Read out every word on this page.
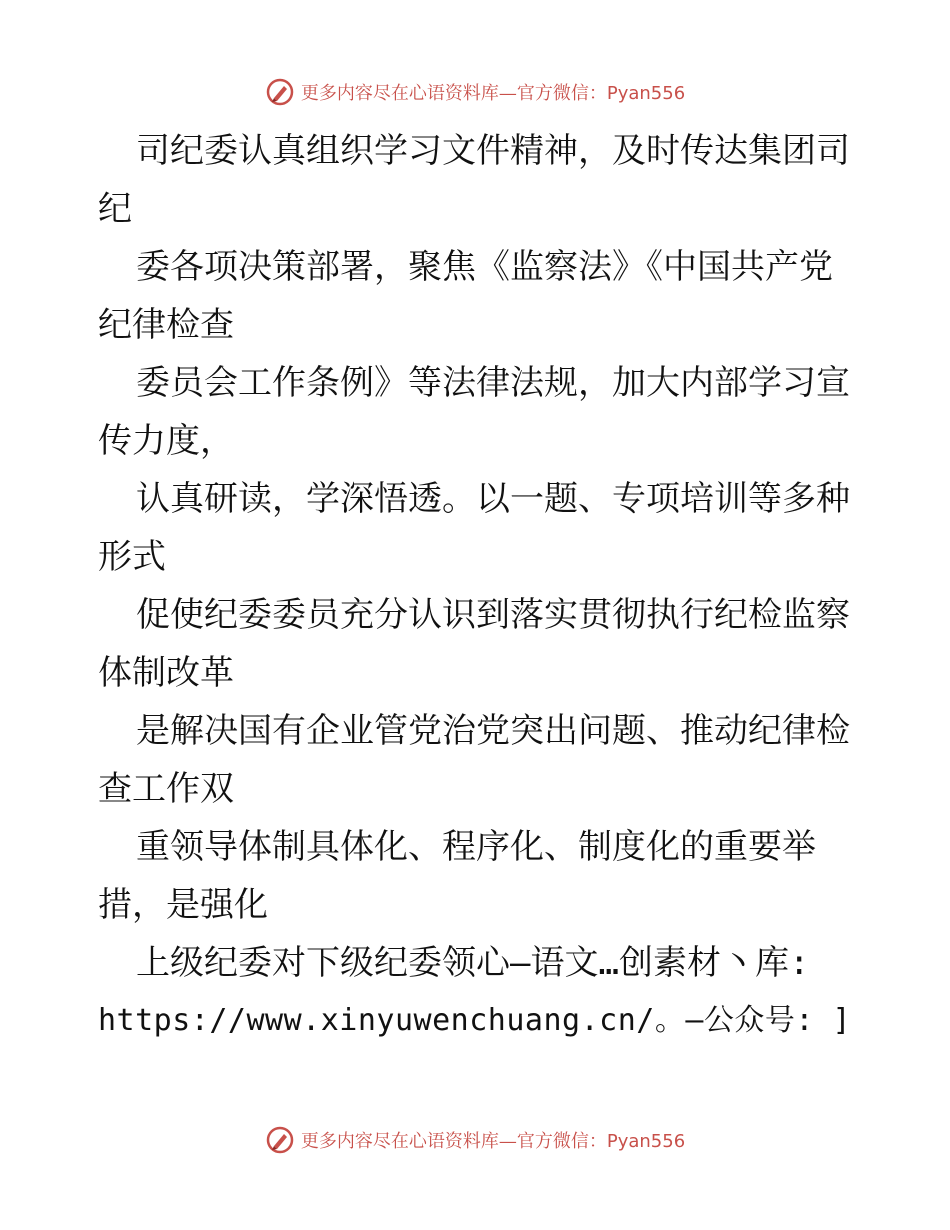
更多内容尽在心语资料库—官方微信：Pyan556
司纪委认真组织学习文件精神，及时传达集团司
纪
委各项决策部署，聚焦《监察法》《中国共产党
纪律检查
委员会工作条例》等法律法规，加大内部学习宣
传力度，
认真研读，学深悟透。以一题、专项培训等多种
形式
促使纪委委员充分认识到落实贯彻执行纪检监察
体制改革
是解决国有企业管党治党突出问题、推动纪律检
查工作双
重领导体制具体化、程序化、制度化的重要举
措，是强化
上级纪委对下级纪委领心—语文…创素材丶库:
https://www.xinyuwenchuang.cn/。—公众号: ]
更多内容尽在心语资料库—官方微信：Pyan556
